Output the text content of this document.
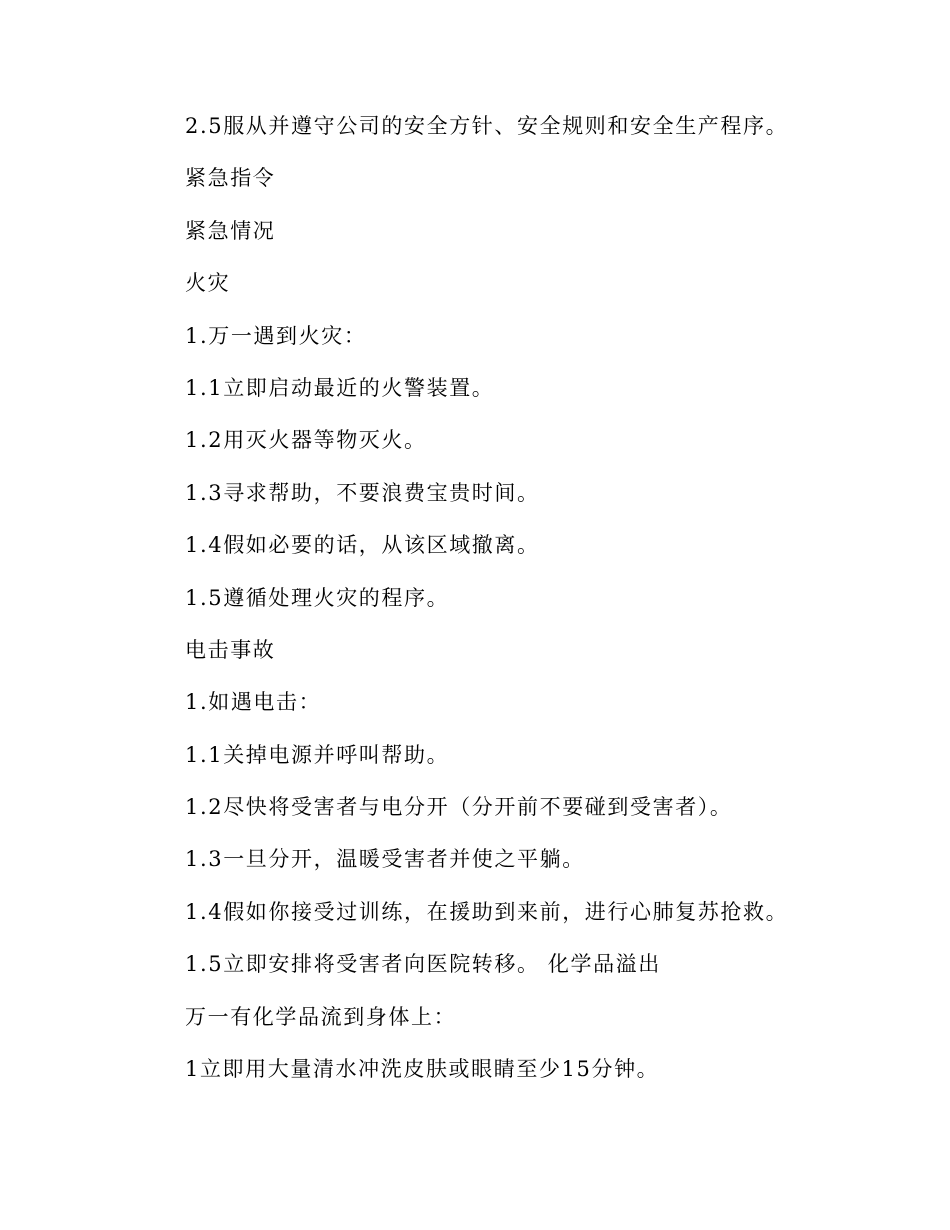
2.5服从并遵守公司的安全方针、安全规则和安全生产程序。
紧急指令
紧急情况
火灾
1.万一遇到火灾：
1.1立即启动最近的火警装置。
1.2用灭火器等物灭火。
1.3寻求帮助，不要浪费宝贵时间。
1.4假如必要的话，从该区域撤离。
1.5遵循处理火灾的程序。
电击事故
1.如遇电击：
1.1关掉电源并呼叫帮助。
1.2尽快将受害者与电分开（分开前不要碰到受害者）。
1.3一旦分开，温暖受害者并使之平躺。
1.4假如你接受过训练，在援助到来前，进行心肺复苏抢救。
1.5立即安排将受害者向医院转移。 化学品溢出
万一有化学品流到身体上：
1立即用大量清水冲洗皮肤或眼睛至少15分钟。
